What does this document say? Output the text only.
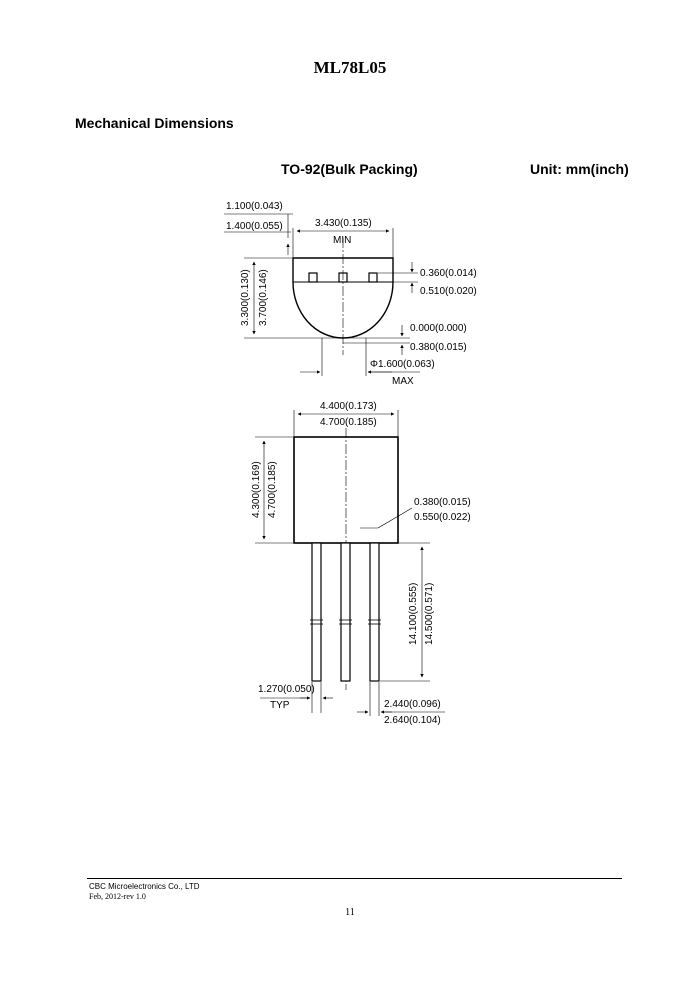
ML78L05
Mechanical Dimensions
TO-92(Bulk Packing)	Unit: mm(inch)
1.100(0.043)
1.400(0.055)	3.430(0.135)
MIN
0.360(0.014)
0.510(0.020)
3.300(0.130) 3.700(0.146)
0.000(0.000)
0.380(0.015)
Φ1.600(0.063)
MAX
4.400(0.173)
4.700(0.185)
4.300(0.169) 4.700(0.185)	0.380(0.015)
0.550(0.022)
14.100(0.555) 14.500(0.571)
1.270(0.050)
TYP	2.440(0.096)
2.640(0.104)
CBC Microelectronics Co., LTD
Feb, 2012-rev 1.0
11
